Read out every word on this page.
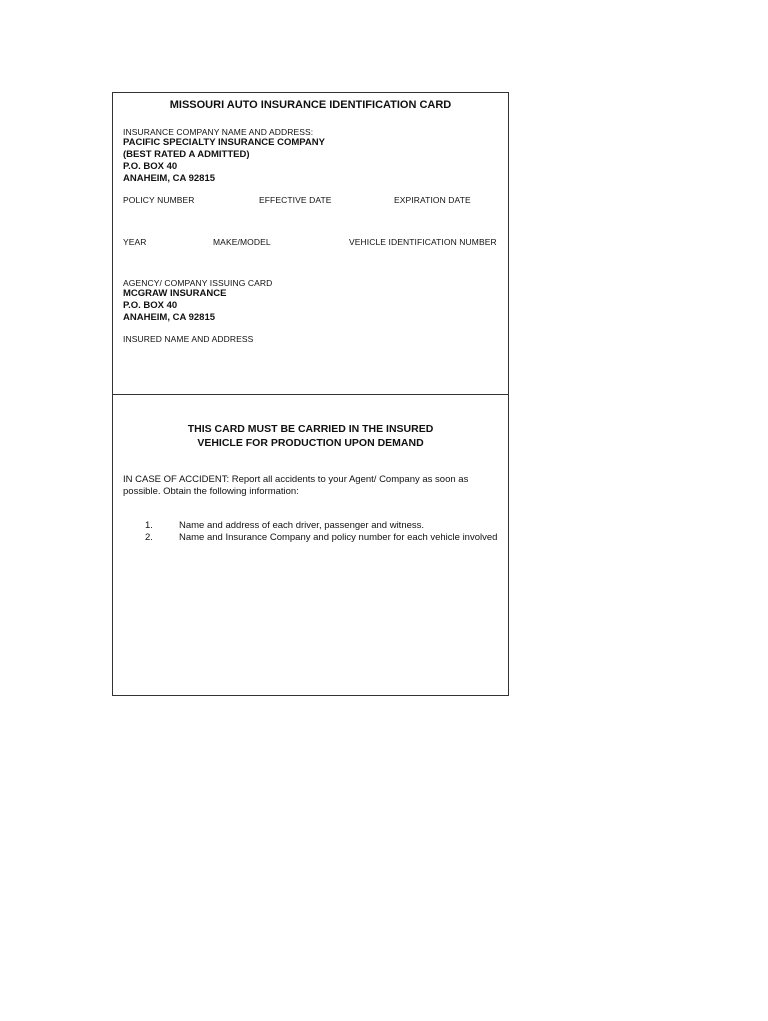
MISSOURI AUTO INSURANCE IDENTIFICATION CARD
INSURANCE COMPANY NAME AND ADDRESS:
PACIFIC SPECIALTY INSURANCE COMPANY
(BEST RATED A ADMITTED)
P.O. BOX 40
ANAHEIM, CA 92815
POLICY NUMBER	EFFECTIVE DATE	EXPIRATION DATE
YEAR	MAKE/MODEL	VEHICLE IDENTIFICATION NUMBER
AGENCY/ COMPANY ISSUING CARD
MCGRAW INSURANCE
P.O. BOX 40
ANAHEIM, CA 92815
INSURED NAME AND ADDRESS
THIS CARD MUST BE CARRIED IN THE INSURED
VEHICLE FOR PRODUCTION UPON DEMAND
IN CASE OF ACCIDENT: Report all accidents to your Agent/ Company as soon as possible. Obtain the following information:
1.	Name and address of each driver, passenger and witness.
2.	Name and Insurance Company and policy number for each vehicle involved
